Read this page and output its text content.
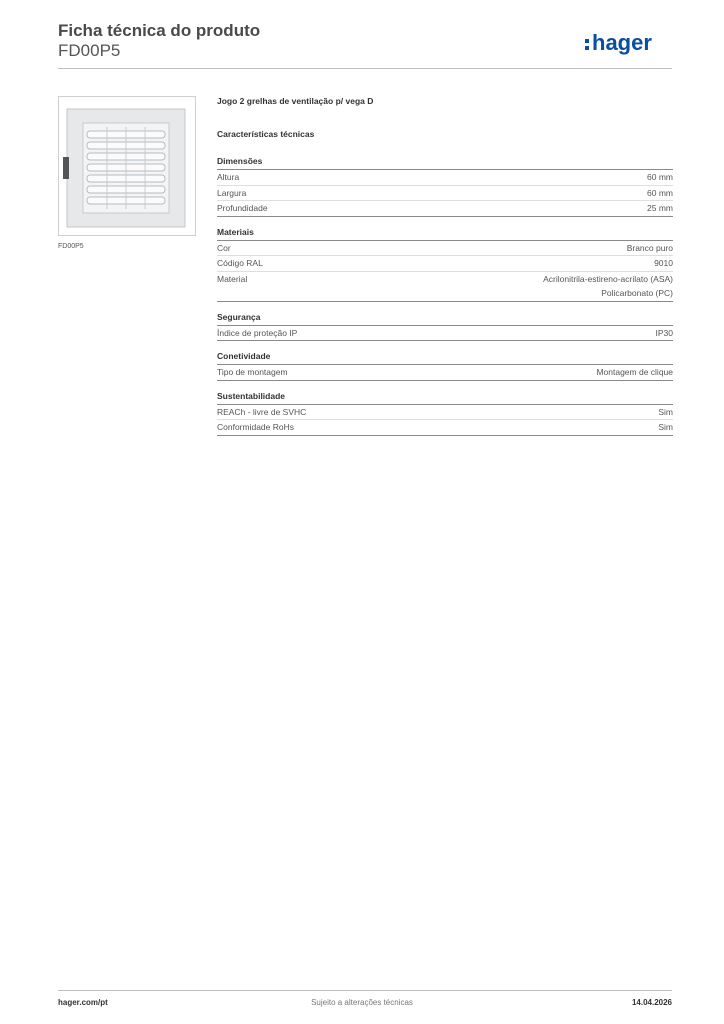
Ficha técnica do produto
FD00P5	hager
FD00P5
Jogo 2 grelhas de ventilação p/ vega D
Características técnicas
Dimensões
Altura	60 mm
Largura	60 mm
Profundidade	25 mm
Materiais
Cor	Branco puro
Código RAL	9010
Material	Acrilonitrila-estireno-acrilato (ASA)
Policarbonato (PC)
Segurança
Índice de proteção IP	IP30
Conetividade
Tipo de montagem	Montagem de clique
Sustentabilidade
REACh - livre de SVHC	Sim
Conformidade RoHs	Sim
hager.com/pt	Sujeito a alterações técnicas	14.04.2026
